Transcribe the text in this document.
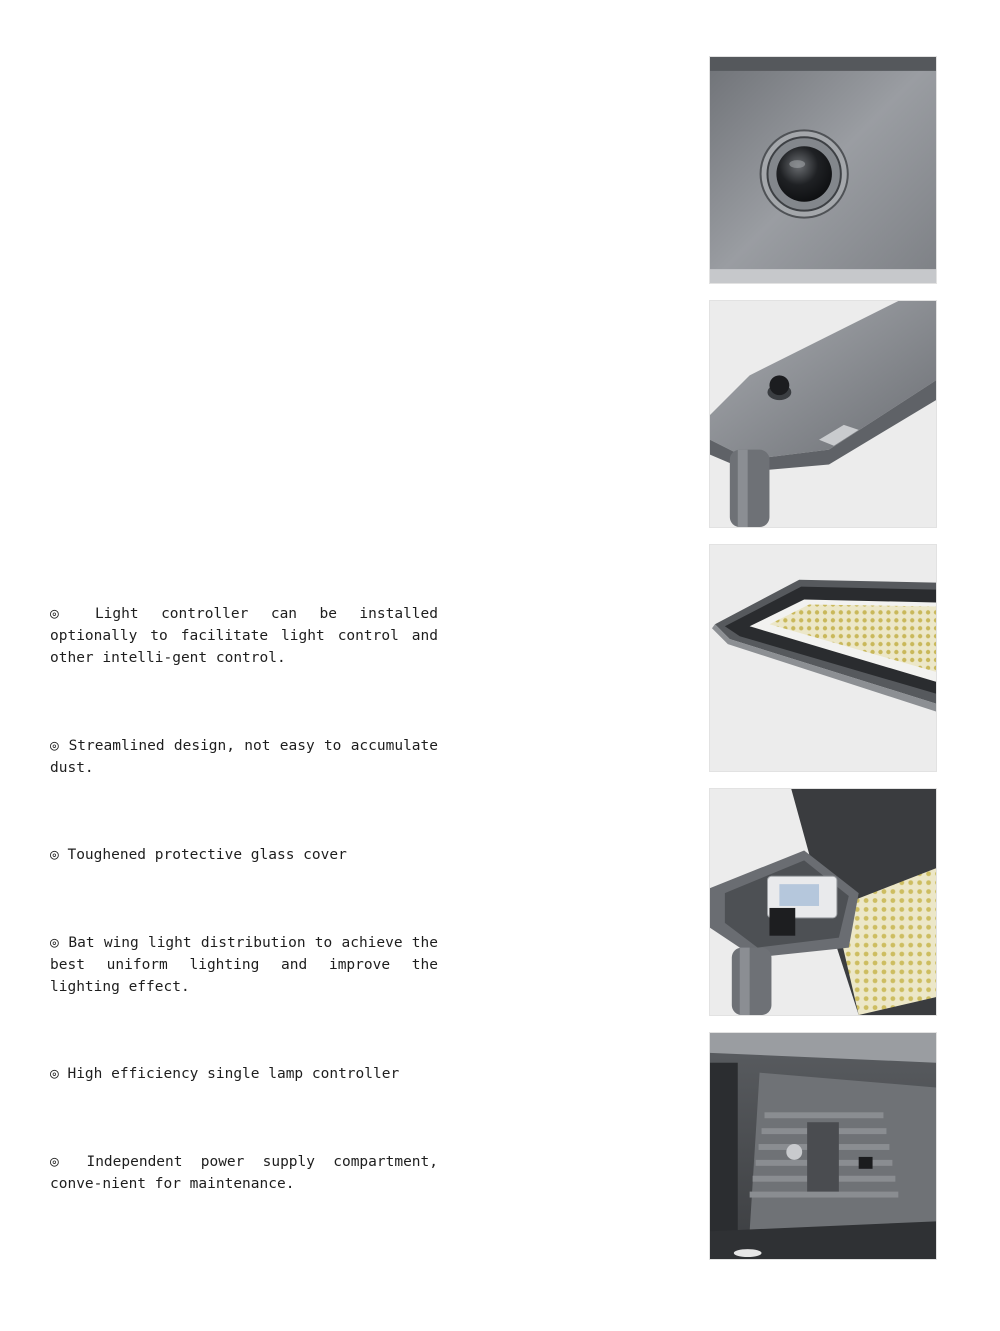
◎ Light controller can be installed optionally to facilitate light control and other intelli-gent control.

◎ Streamlined design, not easy to accumulate dust.

◎ Toughened protective glass cover

◎ Bat wing light distribution to achieve the best uniform lighting and improve the lighting effect.

◎ High efficiency single lamp controller

◎ Independent power supply compartment, conve-nient for maintenance.
